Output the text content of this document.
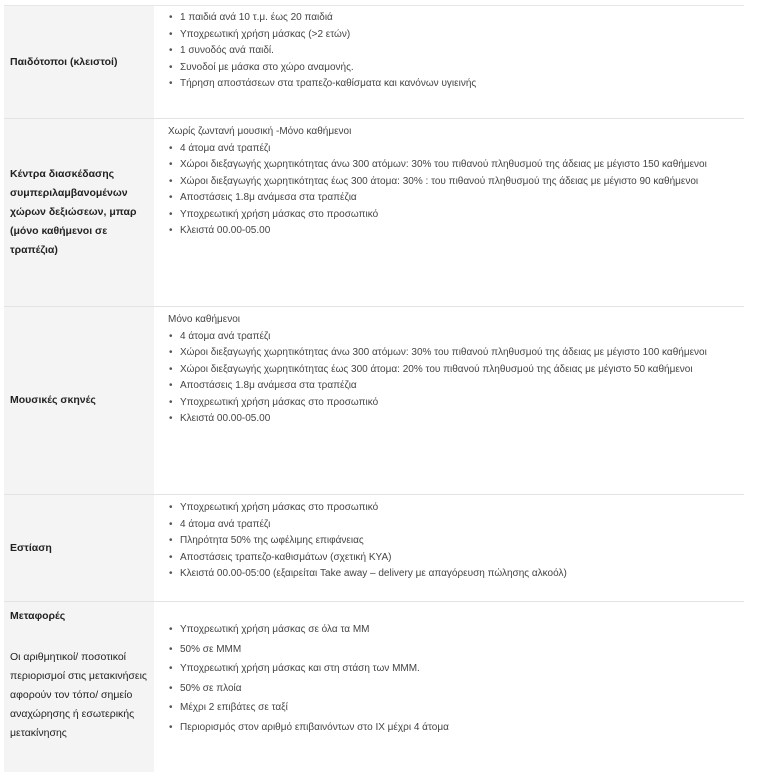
Παιδότοποι (κλειστοί)
• 1 παιδιά ανά 10 τ.μ. έως 20 παιδιά
• Υποχρεωτική χρήση μάσκας (>2 ετών)
• 1 συνοδός ανά παιδί.
• Συνοδοί με μάσκα στο χώρο αναμονής.
• Τήρηση αποστάσεων στα τραπεζο-καθίσματα και κανόνων υγιεινής
Κέντρα διασκέδασης συμπεριλαμβανομένων χώρων δεξιώσεων, μπαρ (μόνο καθήμενοι σε τραπέζια)
Χωρίς ζωντανή μουσική -Μόνο καθήμενοι
• 4 άτομα ανά τραπέζι
• Χώροι διεξαγωγής χωρητικότητας άνω 300 ατόμων: 30% του πιθανού πληθυσμού της άδειας με μέγιστο 150 καθήμενοι
• Χώροι διεξαγωγής χωρητικότητας έως 300 άτομα: 30% : του πιθανού πληθυσμού της άδειας με μέγιστο 90 καθήμενοι
• Αποστάσεις 1.8μ ανάμεσα στα τραπέζια
• Υποχρεωτική χρήση μάσκας στο προσωπικό
• Κλειστά 00.00-05.00
Μουσικές σκηνές
Μόνο καθήμενοι
• 4 άτομα ανά τραπέζι
• Χώροι διεξαγωγής χωρητικότητας άνω 300 ατόμων: 30% του πιθανού πληθυσμού της άδειας με μέγιστο 100 καθήμενοι
• Χώροι διεξαγωγής χωρητικότητας έως 300 άτομα: 20% του πιθανού πληθυσμού της άδειας με μέγιστο 50 καθήμενοι
• Αποστάσεις 1.8μ ανάμεσα στα τραπέζια
• Υποχρεωτική χρήση μάσκας στο προσωπικό
• Κλειστά 00.00-05.00
Εστίαση
• Υποχρεωτική χρήση μάσκας στο προσωπικό
• 4 άτομα ανά τραπέζι
• Πληρότητα 50% της ωφέλιμης επιφάνειας
• Αποστάσεις τραπεζο-καθισμάτων (σχετική ΚΥΑ)
• Κλειστά 00.00-05:00 (εξαιρείται Take away – delivery με απαγόρευση πώλησης αλκοόλ)
Μεταφορές
Οι αριθμητικοί/ ποσοτικοί περιορισμοί στις μετακινήσεις αφορούν τον τόπο/ σημείο αναχώρησης ή εσωτερικής μετακίνησης
• Υποχρεωτική χρήση μάσκας σε όλα τα ΜΜ
• 50% σε ΜΜΜ
• Υποχρεωτική χρήση μάσκας και στη στάση των ΜΜΜ.
• 50% σε πλοία
• Μέχρι 2 επιβάτες σε ταξί
• Περιορισμός στον αριθμό επιβαινόντων στο ΙΧ μέχρι 4 άτομα
